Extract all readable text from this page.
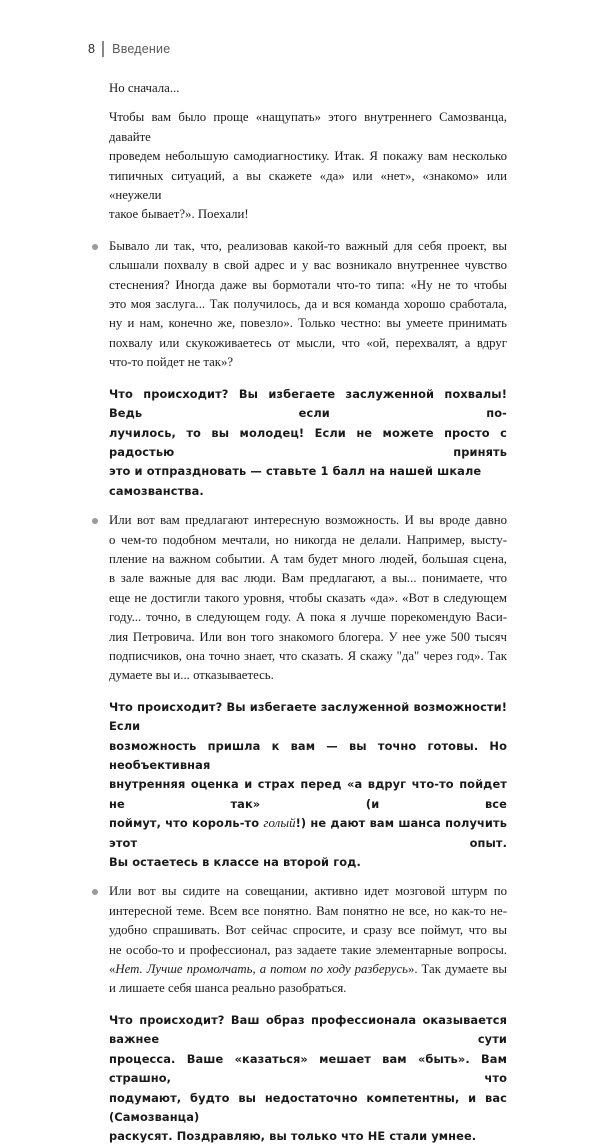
8 Введение

Но сначала...

Чтобы вам было проще «нащупать» этого внутреннего Самозванца, давайте
проведем небольшую самодиагностику. Итак. Я покажу вам несколько
типичных ситуаций, а вы скажете «да» или «нет», «знакомо» или «неужели
такое бывает?». Поехали!

Бывало ли так, что, реализовав какой-то важный для себя проект, вы
слышали похвалу в свой адрес и у вас возникало внутреннее чувство
стеснения? Иногда даже вы бормотали что-то типа: «Ну не то чтобы
это моя заслуга... Так получилось, да и вся команда хорошо сработала,
ну и нам, конечно же, повезло». Только честно: вы умеете принимать
похвалу или скукоживаетесь от мысли, что «ой, перехвалят, а вдруг
что-то пойдет не так»?
Что происходит? Вы избегаете заслуженной похвалы! Ведь если по-
лучилось, то вы молодец! Если не можете просто с радостью принять
это и отпраздновать — ставьте 1 балл на нашей шкале самозванства.
Или вот вам предлагают интересную возможность. И вы вроде давно
о чем-то подобном мечтали, но никогда не делали. Например, высту-
пление на важном событии. А там будет много людей, большая сцена,
в зале важные для вас люди. Вам предлагают, а вы... понимаете, что
еще не достигли такого уровня, чтобы сказать «да». «Вот в следующем
году... точно, в следующем году. А пока я лучше порекомендую Васи-
лия Петровича. Или вон того знакомого блогера. У нее уже 500 тысяч
подписчиков, она точно знает, что сказать. Я скажу "да" через год». Так
думаете вы и... отказываетесь.
Что происходит? Вы избегаете заслуженной возможности! Если
возможность пришла к вам — вы точно готовы. Но необъективная
внутренняя оценка и страх перед «а вдруг что-то пойдет не так» (и все
поймут, что король-то голый!) не дают вам шанса получить этот опыт.
Вы остаетесь в классе на второй год.
Или вот вы сидите на совещании, активно идет мозговой штурм по
интересной теме. Всем все понятно. Вам понятно не все, но как-то не-
удобно спрашивать. Вот сейчас спросите, и сразу все поймут, что вы
не особо-то и профессионал, раз задаете такие элементарные вопросы.
«Нет. Лучше промолчать, а потом по ходу разберусь». Так думаете вы
и лишаете себя шанса реально разобраться.
Что происходит? Ваш образ профессионала оказывается важнее сути
процесса. Ваше «казаться» мешает вам «быть». Вам страшно, что
подумают, будто вы недостаточно компетентны, и вас (Самозванца)
раскусят. Поздравляю, вы только что НЕ стали умнее.
